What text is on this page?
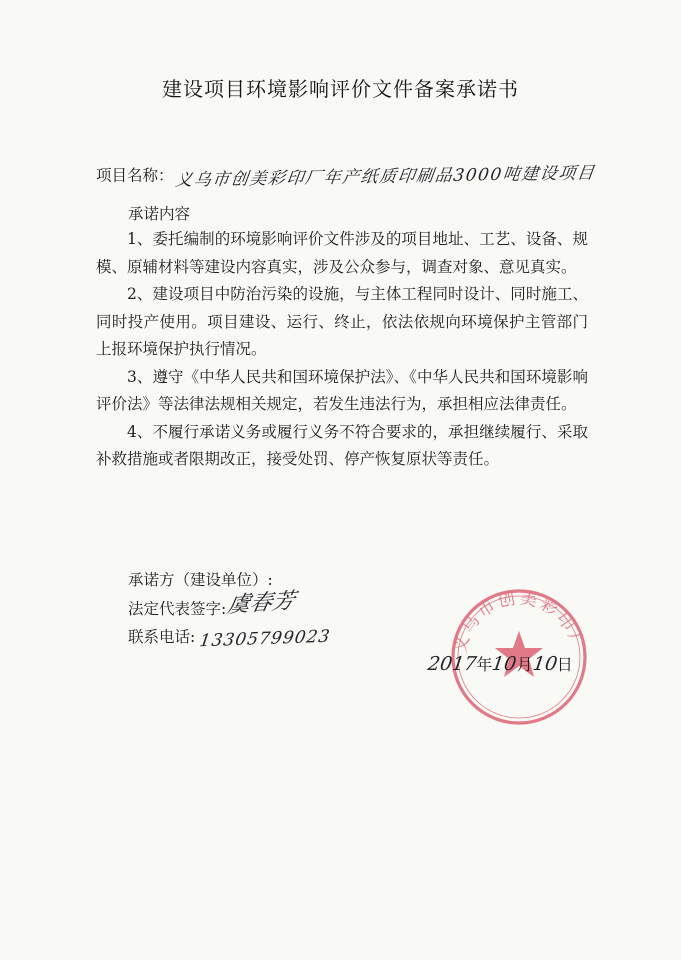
建设项目环境影响评价文件备案承诺书
项目名称：义乌市创美彩印厂年产纸质印刷品3000吨建设项目
承诺内容

1、委托编制的环境影响评价文件涉及的项目地址、工艺、设备、规模、原辅材料等建设内容真实，涉及公众参与，调查对象、意见真实。

2、建设项目中防治污染的设施，与主体工程同时设计、同时施工、同时投产使用。项目建设、运行、终止，依法依规向环境保护主管部门上报环境保护执行情况。

3、遵守《中华人民共和国环境保护法》、《中华人民共和国环境影响评价法》等法律法规相关规定，若发生违法行为，承担相应法律责任。

4、不履行承诺义务或履行义务不符合要求的，承担继续履行、采取补救措施或者限期改正，接受处罚、停产恢复原状等责任。

承诺方（建设单位）:
法定代表签字:虞春芳
联系电话: 13305799023	义乌市创美彩印厂
2017年10月10日
